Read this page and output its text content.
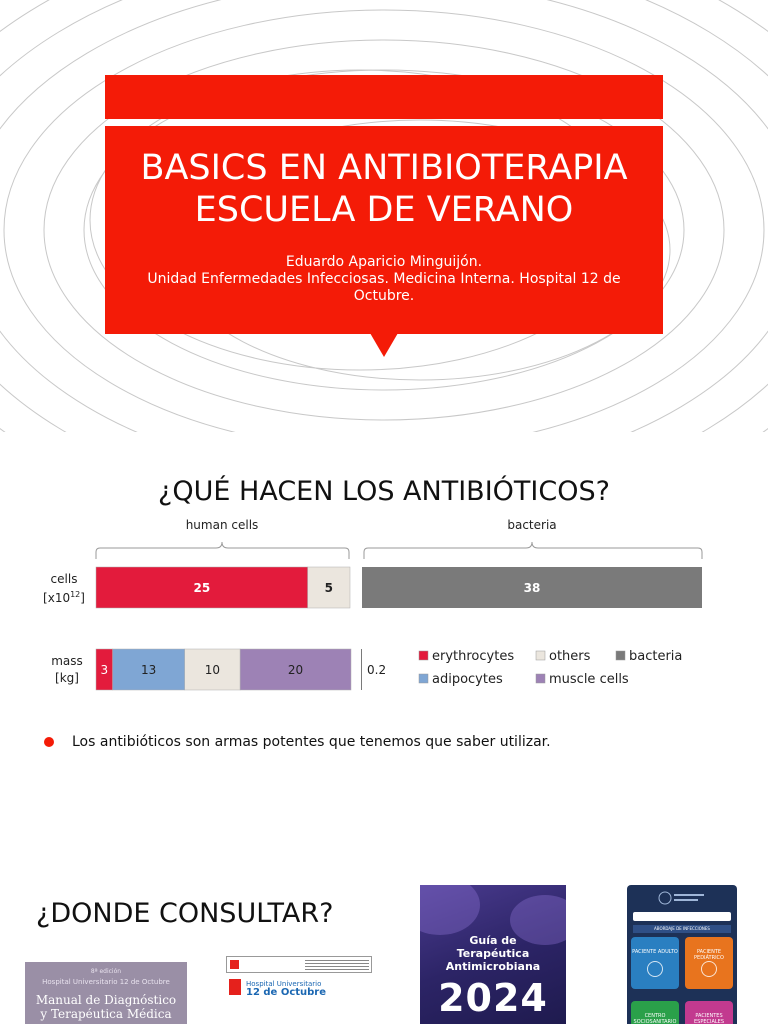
BASICS EN ANTIBIOTERAPIA
ESCUELA DE VERANO
Eduardo Aparicio Minguijón.
Unidad Enfermedades Infecciosas. Medicina Interna. Hospital 12 de Octubre.
¿QUÉ HACEN LOS ANTIBIÓTICOS?
human cells	bacteria
cells
$[x10^{12}]$
mass
[kg]
25	5	38
3	13	10	20	0.2
erythrocytes	others	bacteria
adipocytes	muscle cells
Los antibióticos son armas potentes que tenemos que saber utilizar.
¿DONDE CONSULTAR?
8ª edición
Hospital Universitario 12 de Octubre
Manual de Diagnóstico
y Terapéutica Médica
Hospital Universitario
12 de Octubre
Guía de
Terapéutica
Antimicrobiana
2024
ABORDAJE DE INFECCIONES
PACIENTE ADULTO	PACIENTE PEDIÁTRICO
CENTRO SOCIOSANITARIO
PACIENTES ESPECIALES
